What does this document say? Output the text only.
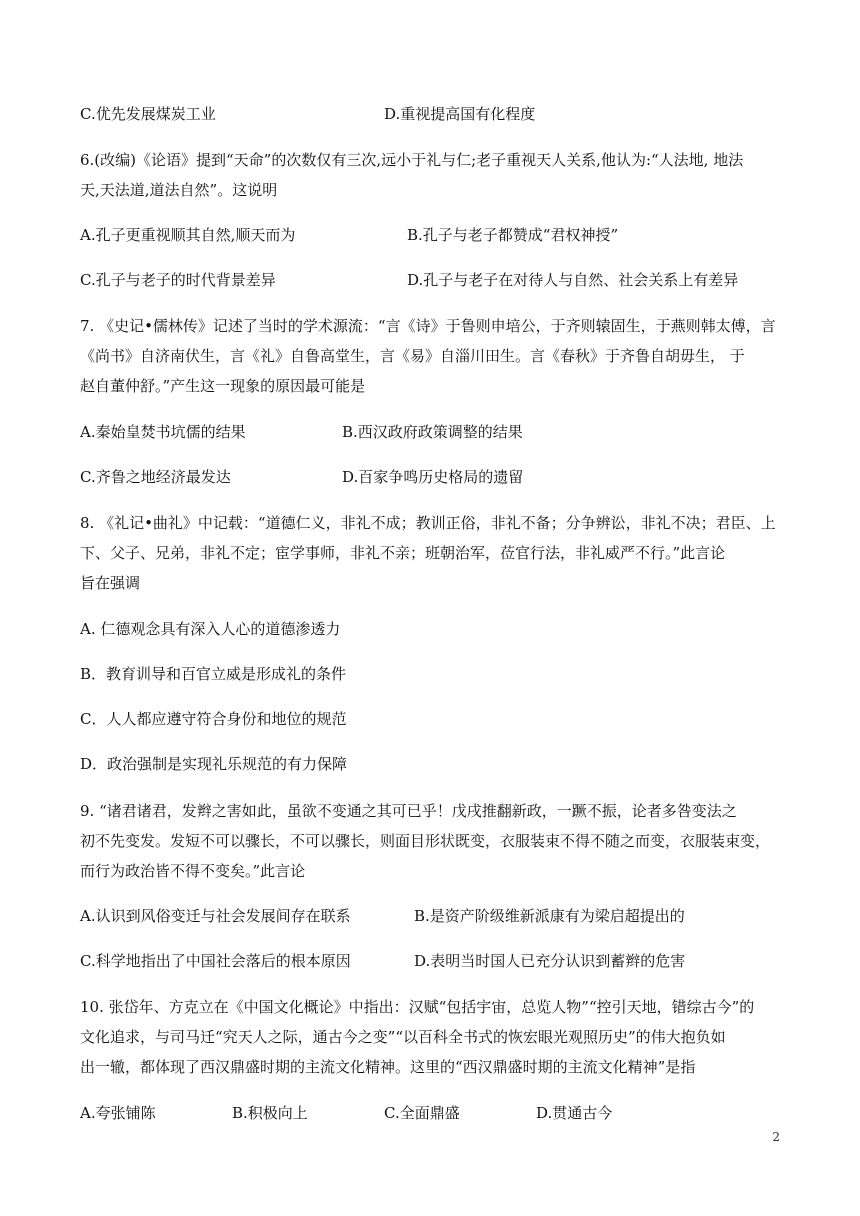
C.优先发展煤炭工业	D.重视提高国有化程度
6.(改编)《论语》提到“天命”的次数仅有三次,远小于礼与仁;老子重视天人关系,他认为:“人法地, 地法
天,天法道,道法自然”。这说明
A.孔子更重视顺其自然,顺天而为	B.孔子与老子都赞成“君权神授”
C.孔子与老子的时代背景差异	D.孔子与老子在对待人与自然、社会关系上有差异
7. 《史记•儒林传》记述了当时的学术源流：“言《诗》于鲁则申培公，于齐则辕固生，于燕则韩太傅，言
《尚书》自济南伏生，言《礼》自鲁高堂生，言《易》自淄川田生。言《春秋》于齐鲁自胡毋生， 于
赵自董仲舒。”产生这一现象的原因最可能是
A.秦始皇焚书坑儒的结果	B.西汉政府政策调整的结果
C.齐鲁之地经济最发达	D.百家争鸣历史格局的遗留
8. 《礼记•曲礼》中记载：“道德仁义，非礼不成；教训正俗，非礼不备；分争辨讼，非礼不决；君臣、上
下、父子、兄弟，非礼不定；宦学事师，非礼不亲；班朝治军，莅官行法，非礼威严不行。”此言论
旨在强调
A. 仁德观念具有深入人心的道德渗透力
B．教育训导和百官立威是形成礼的条件
C．人人都应遵守符合身份和地位的规范
D．政治强制是实现礼乐规范的有力保障
9. “诸君诸君，发辫之害如此，虽欲不变通之其可已乎！戊戌推翻新政，一蹶不振，论者多咎变法之
初不先变发。发短不可以骤长，不可以骤长，则面目形状既变，衣服装束不得不随之而变，衣服装束变，
而行为政治皆不得不变矣。”此言论
A.认识到风俗变迁与社会发展间存在联系	B.是资产阶级维新派康有为梁启超提出的
C.科学地指出了中国社会落后的根本原因	D.表明当时国人已充分认识到蓄辫的危害
10. 张岱年、方克立在《中国文化概论》中指出：汉赋“包括宇宙，总览人物”“控引天地，错综古今”的
文化追求，与司马迁“究天人之际，通古今之变”“以百科全书式的恢宏眼光观照历史”的伟大抱负如
出一辙，都体现了西汉鼎盛时期的主流文化精神。这里的“西汉鼎盛时期的主流文化精神”是指
A.夸张铺陈	B.积极向上	C.全面鼎盛	D.贯通古今
2
